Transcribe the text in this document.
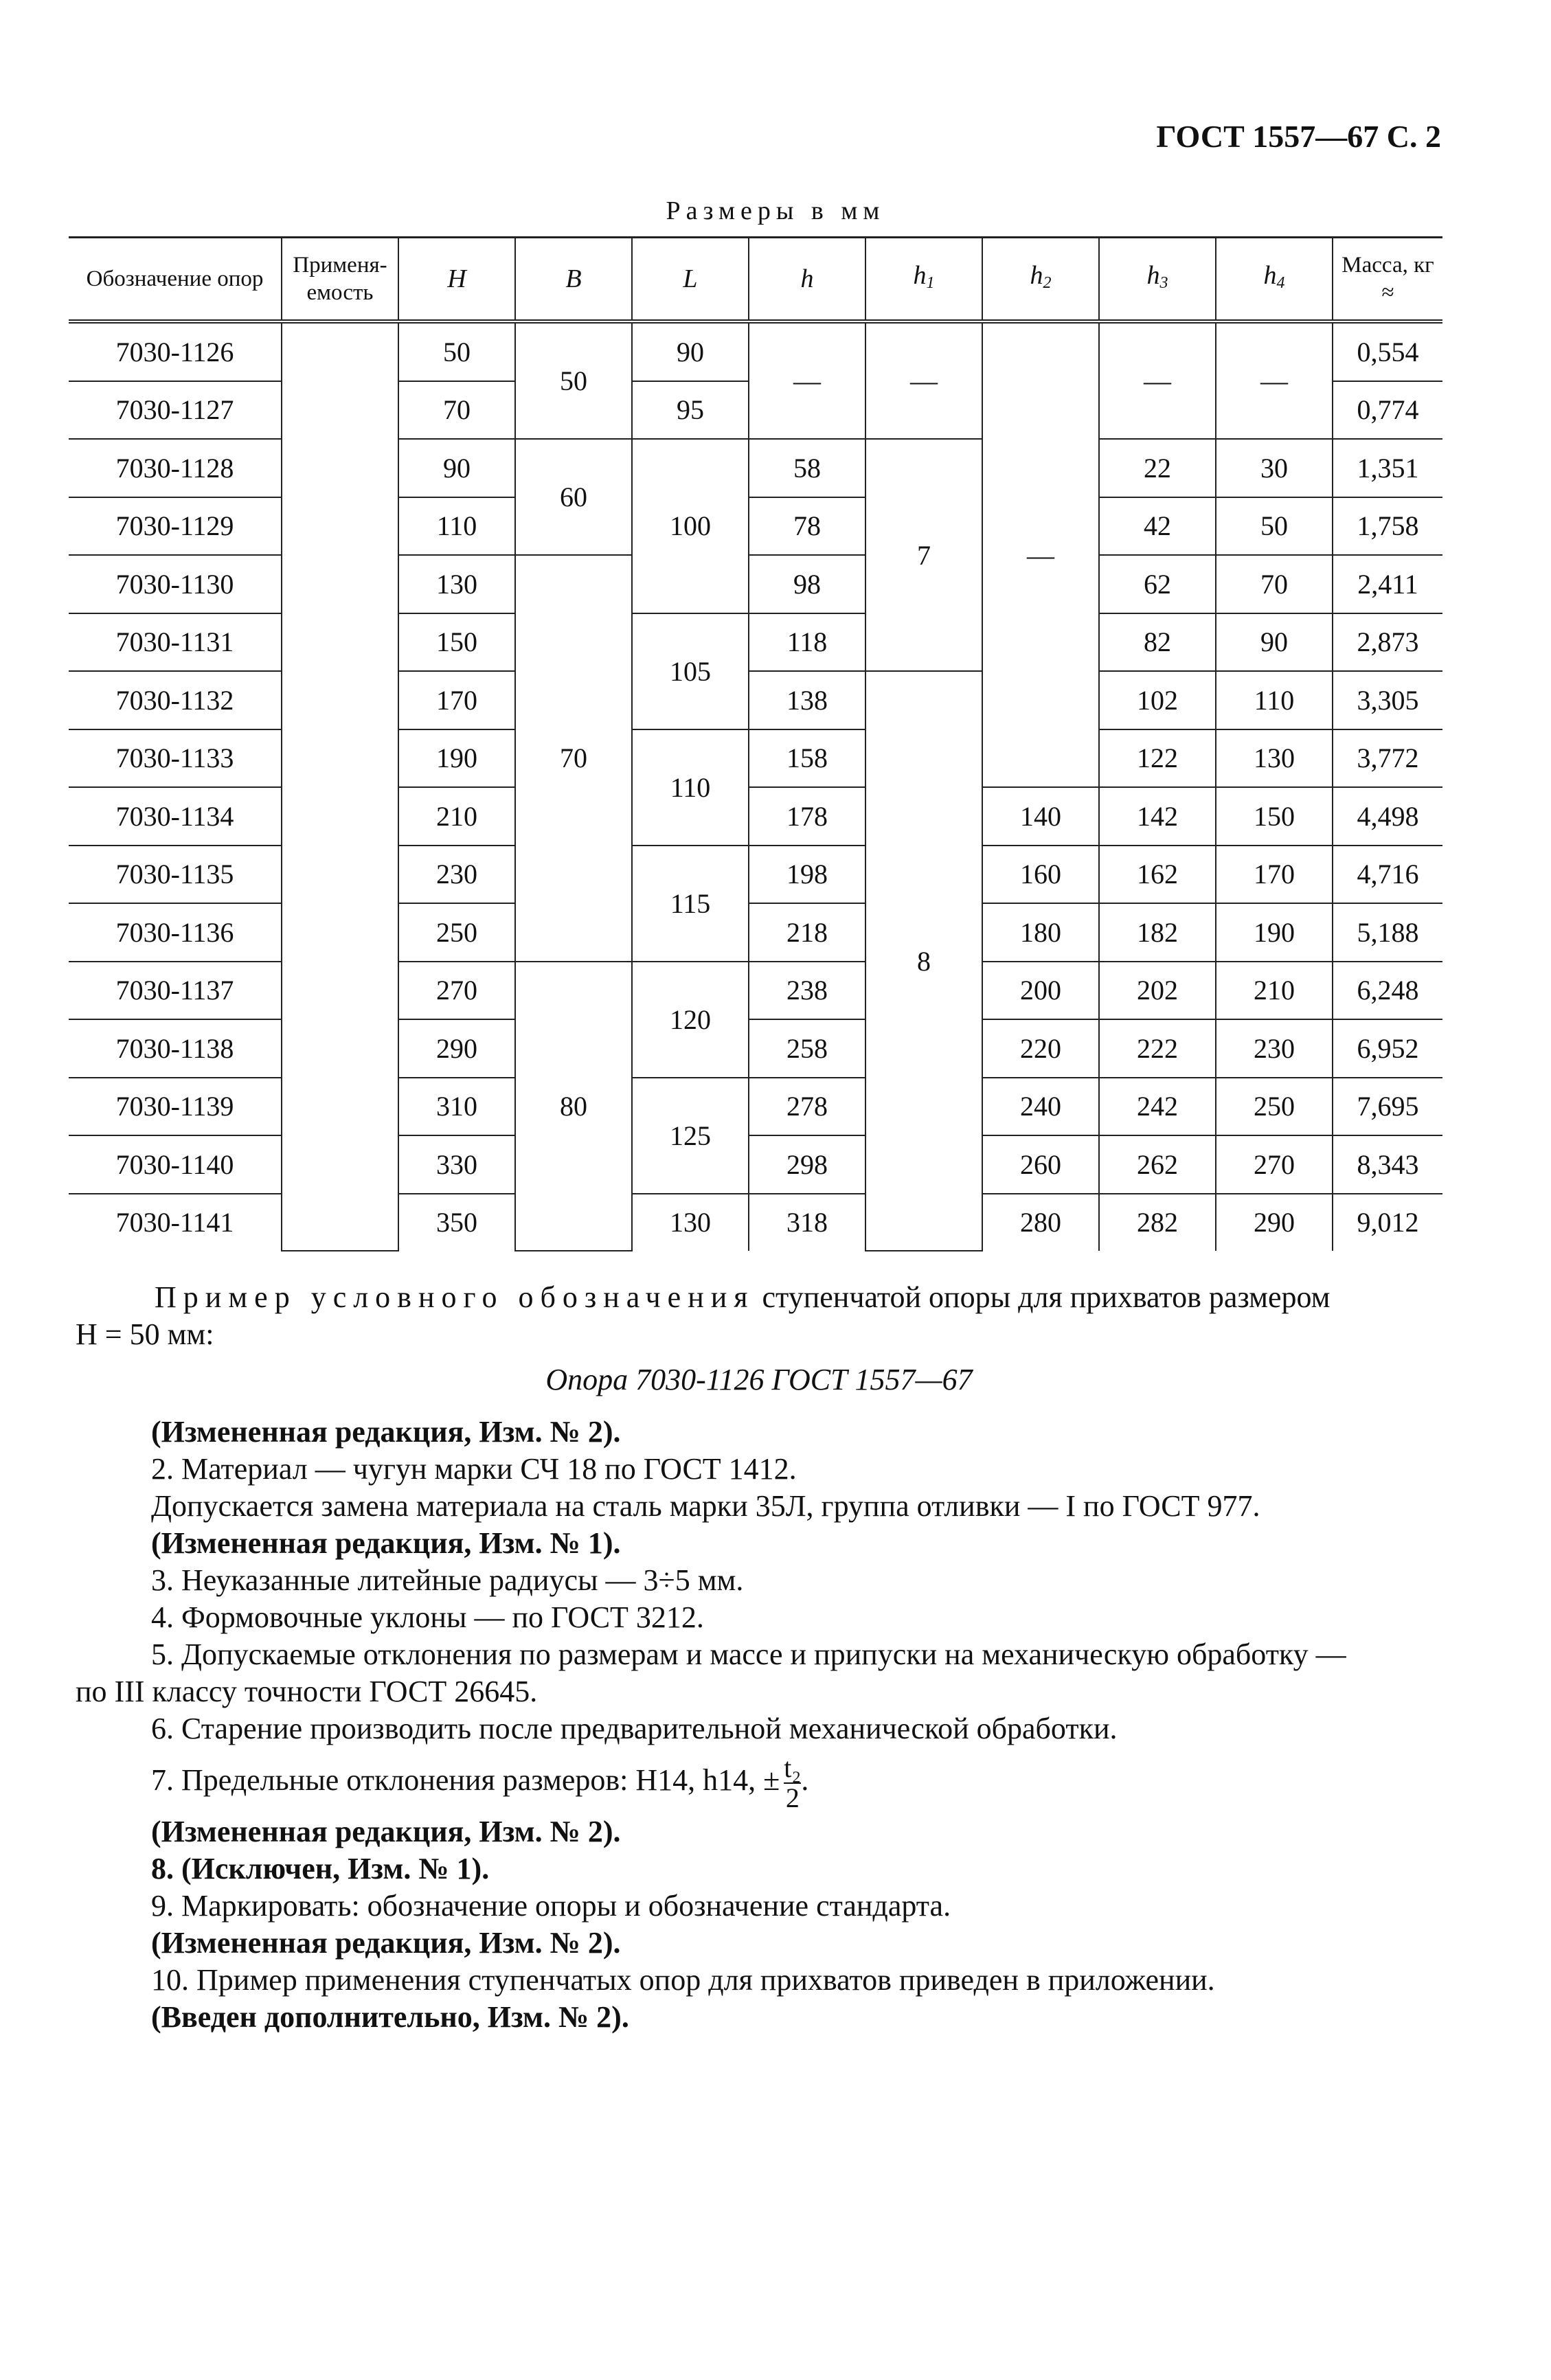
ГОСТ 1557—67 С. 2
Размеры в мм
Обозначение опор	Применя-емость	H	B	L	h	$h_1$	$h_2$	$h_3$	$h_4$	Масса, кг ≈
7030-1126		50	50	90	—	—	—	—	—	0,554
7030-1127		70		95						0,774
7030-1128		90	60	100	58	7		22	30	1,351
7030-1129		110			78			42	50	1,758
7030-1130		130	70		98			62	70	2,411
7030-1131		150		105	118			82	90	2,873
7030-1132		170			138	8		102	110	3,305
7030-1133		190		110	158			122	130	3,772
7030-1134		210			178		140	142	150	4,498
7030-1135		230		115	198		160	162	170	4,716
7030-1136		250			218		180	182	190	5,188
7030-1137		270	80	120	238		200	202	210	6,248
7030-1138		290			258		220	222	230	6,952
7030-1139		310		125	278		240	242	250	7,695
7030-1140		330			298		260	262	270	8,343
7030-1141		350		130	318		280	282	290	9,012
Пример условного обозначения ступенчатой опоры для прихватов размером
H = 50 мм:
Опора 7030-1126 ГОСТ 1557—67
(Измененная редакция, Изм. № 2).
2. Материал — чугун марки СЧ 18 по ГОСТ 1412.
Допускается замена материала на сталь марки 35Л, группа отливки — I по ГОСТ 977.
(Измененная редакция, Изм. № 1).
3. Неуказанные литейные радиусы — 3÷5 мм.
4. Формовочные уклоны — по ГОСТ 3212.
5. Допускаемые отклонения по размерам и массе и припуски на механическую обработку —
по III классу точности ГОСТ 26645.
6. Старение производить после предварительной механической обработки.
7. Предельные отклонения размеров: H14, h14, ± $\frac{\text{t₂}}{2}$ .
(Измененная редакция, Изм. № 2).
8. (Исключен, Изм. № 1).
9. Маркировать: обозначение опоры и обозначение стандарта.
(Измененная редакция, Изм. № 2).
10. Пример применения ступенчатых опор для прихватов приведен в приложении.
(Введен дополнительно, Изм. № 2).
